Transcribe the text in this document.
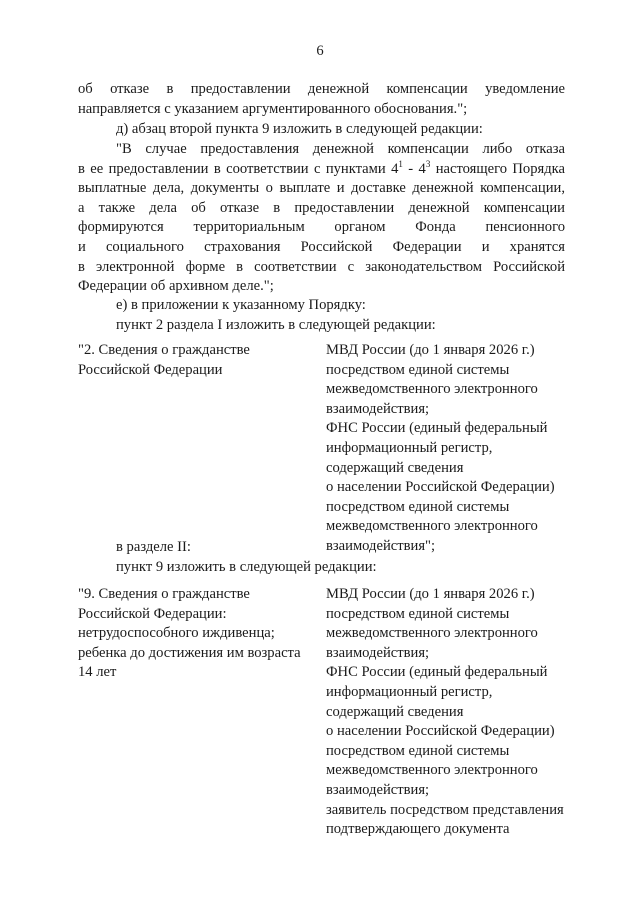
6
об отказе в предоставлении денежной компенсации уведомление
направляется с указанием аргументированного обоснования.";
д) абзац второй пункта 9 изложить в следующей редакции:
"В случае предоставления денежной компенсации либо отказа
в ее предоставлении в соответствии с пунктами $4^1 - 4^3$ настоящего Порядка
выплатные дела, документы о выплате и доставке денежной компенсации,
а также дела об отказе в предоставлении денежной компенсации
формируются территориальным органом Фонда пенсионного
и социального страхования Российской Федерации и хранятся
в электронной форме в соответствии с законодательством Российской
Федерации об архивном деле.";
е) в приложении к указанному Порядку:
пункт 2 раздела I изложить в следующей редакции:
"2. Сведения о гражданстве
Российской Федерации
МВД России (до 1 января 2026 г.)
посредством единой системы
межведомственного электронного
взаимодействия;
ФНС России (единый федеральный
информационный регистр,
содержащий сведения
о населении Российской Федерации)
посредством единой системы
межведомственного электронного
взаимодействия";
в разделе II:
пункт 9 изложить в следующей редакции:
"9. Сведения о гражданстве
Российской Федерации:
нетрудоспособного иждивенца;
ребенка до достижения им возраста
14 лет
МВД России (до 1 января 2026 г.)
посредством единой системы
межведомственного электронного
взаимодействия;
ФНС России (единый федеральный
информационный регистр,
содержащий сведения
о населении Российской Федерации)
посредством единой системы
межведомственного электронного
взаимодействия;
заявитель посредством представления
подтверждающего документа
